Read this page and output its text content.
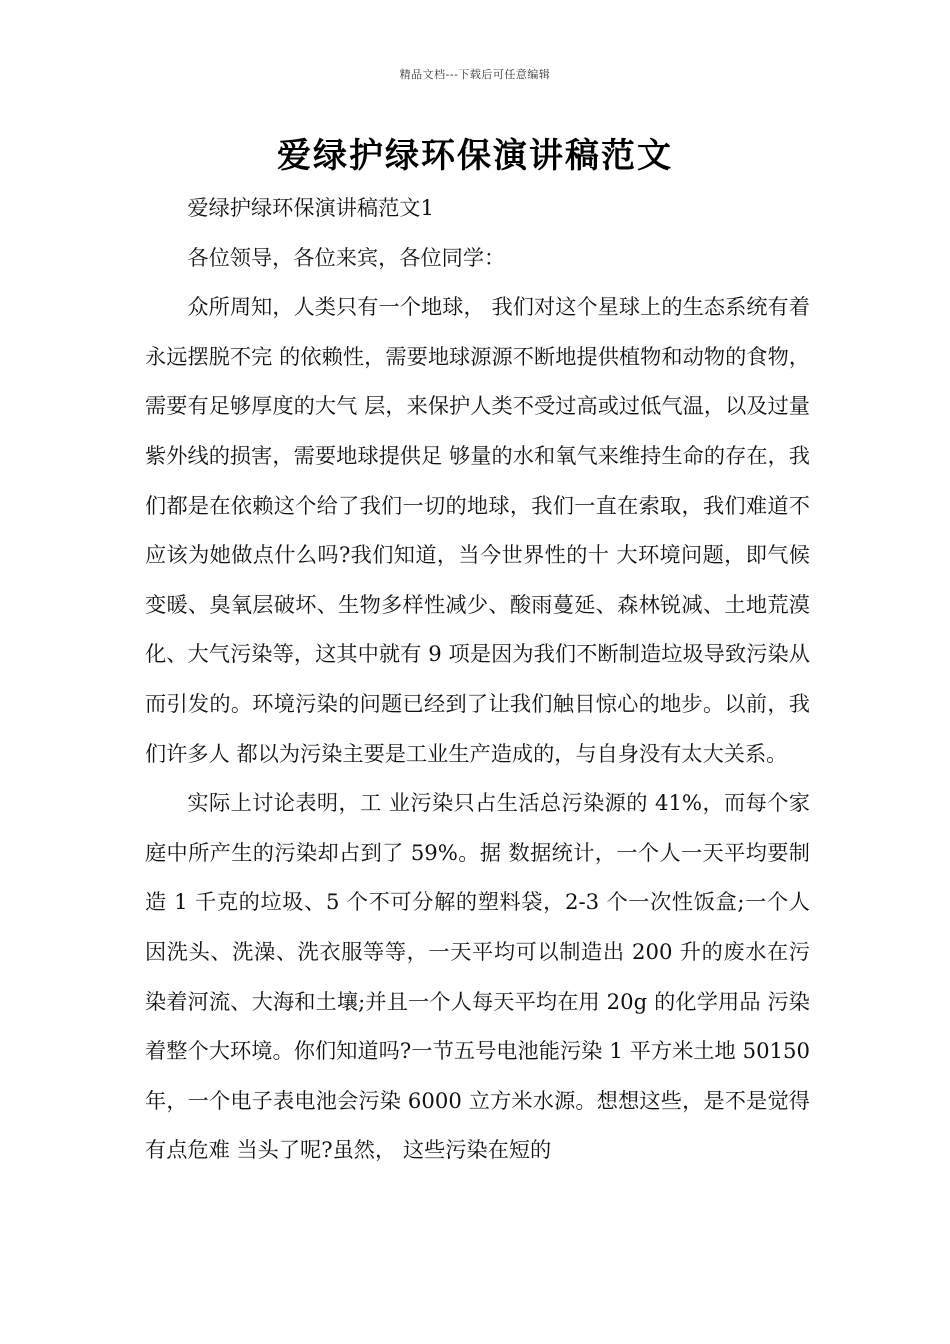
精品文档---下载后可任意编辑
爱绿护绿环保演讲稿范文

爱绿护绿环保演讲稿范文1

各位领导，各位来宾，各位同学：

众所周知，人类只有一个地球， 我们对这个星球上的生态系统有着永远摆脱不完 的依赖性，需要地球源源不断地提供植物和动物的食物，需要有足够厚度的大气 层，来保护人类不受过高或过低气温，以及过量紫外线的损害，需要地球提供足 够量的水和氧气来维持生命的存在，我们都是在依赖这个给了我们一切的地球，我们一直在索取，我们难道不应该为她做点什么吗?我们知道，当今世界性的十 大环境问题，即气候变暖、臭氧层破坏、生物多样性减少、酸雨蔓延、森林锐减、土地荒漠化、大气污染等，这其中就有 9 项是因为我们不断制造垃圾导致污染从 而引发的。环境污染的问题已经到了让我们触目惊心的地步。以前，我们许多人 都以为污染主要是工业生产造成的，与自身没有太大关系。

实际上讨论表明，工 业污染只占生活总污染源的 41%，而每个家庭中所产生的污染却占到了 59%。据 数据统计，一个人一天平均要制造 1 千克的垃圾、5 个不可分解的塑料袋，2-3 个一次性饭盒;一个人因洗头、洗澡、洗衣服等等，一天平均可以制造出 200 升的废水在污染着河流、大海和土壤;并且一个人每天平均在用 20g 的化学用品 污染着整个大环境。你们知道吗?一节五号电池能污染 1 平方米土地 50150 年，一个电子表电池会污染 6000 立方米水源。想想这些，是不是觉得有点危难 当头了呢?虽然， 这些污染在短的
